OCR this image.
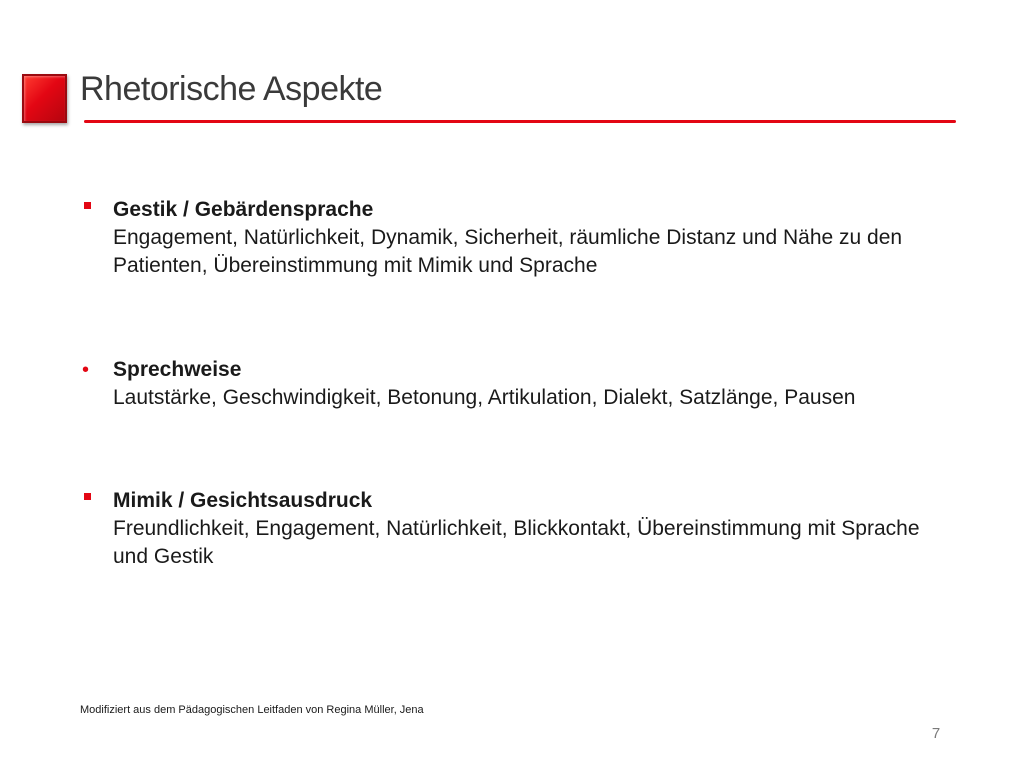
Rhetorische Aspekte
Gestik / Gebärdensprache
Engagement, Natürlichkeit, Dynamik, Sicherheit, räumliche Distanz und Nähe zu den Patienten, Übereinstimmung mit Mimik und Sprache
•	Sprechweise
Lautstärke, Geschwindigkeit, Betonung, Artikulation, Dialekt, Satzlänge, Pausen
Mimik / Gesichtsausdruck
Freundlichkeit, Engagement, Natürlichkeit, Blickkontakt, Übereinstimmung mit Sprache und Gestik
Modifiziert aus dem Pädagogischen Leitfaden von Regina Müller, Jena
7
